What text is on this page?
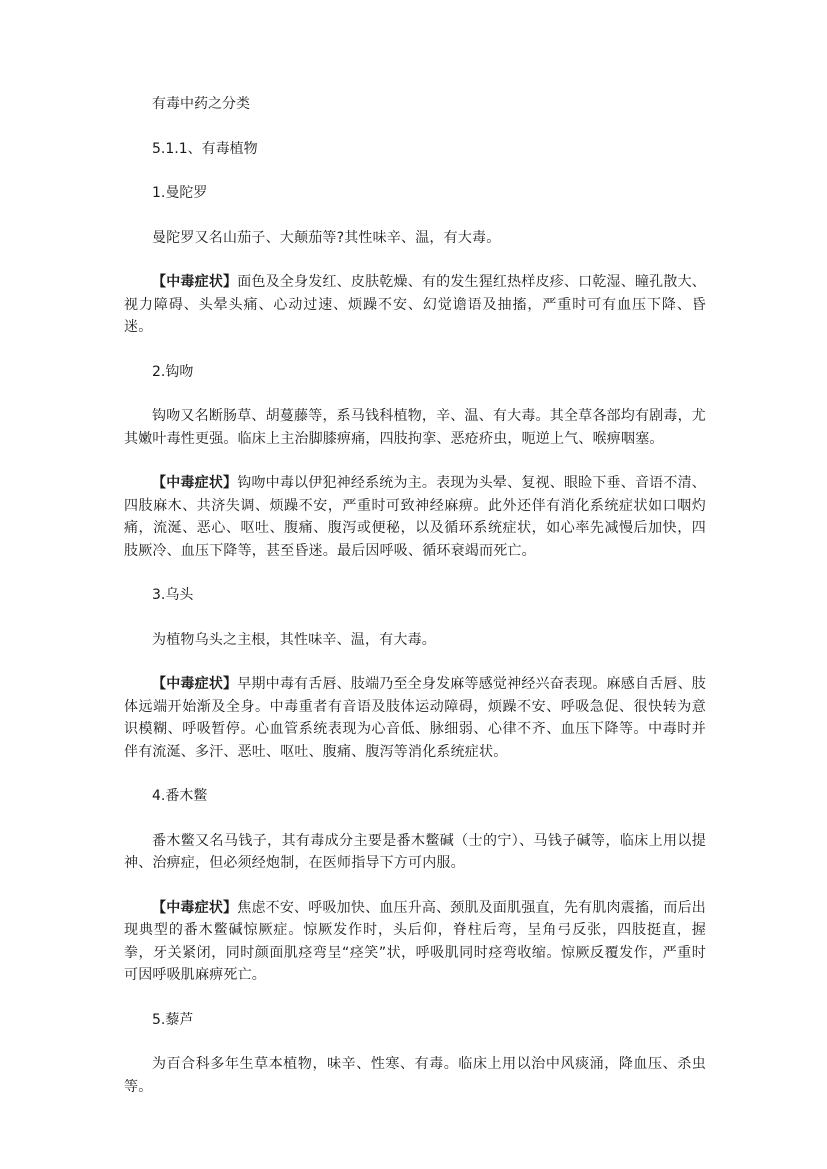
有毒中药之分类

5.1.1、有毒植物

1.曼陀罗

曼陀罗又名山茄子、大颠茄等?其性味辛、温，有大毒。

【中毒症状】面色及全身发红、皮肤乾燥、有的发生猩红热样皮疹、口乾湿、瞳孔散大、视力障碍、头晕头痛、心动过速、烦躁不安、幻觉谵语及抽搐，严重时可有血压下降、昏迷。

2.钩吻

钩吻又名断肠草、胡蔓藤等，系马钱科植物，辛、温、有大毒。其全草各部均有剧毒，尤其嫩叶毒性更强。临床上主治脚膝痹痛，四肢拘挛、恶疮疥虫，呃逆上气、喉痹咽塞。

【中毒症状】钩吻中毒以伊犯神经系统为主。表现为头晕、复视、眼睑下垂、音语不清、四肢麻木、共济失调、烦躁不安，严重时可致神经麻痹。此外还伴有消化系统症状如口咽灼痛，流涎、恶心、呕吐、腹痛、腹泻或便秘，以及循环系统症状，如心率先减慢后加快，四肢厥冷、血压下降等，甚至昏迷。最后因呼吸、循环衰竭而死亡。

3.乌头

为植物乌头之主根，其性味辛、温，有大毒。

【中毒症状】早期中毒有舌唇、肢端乃至全身发麻等感觉神经兴奋表现。麻感自舌唇、肢体远端开始渐及全身。中毒重者有音语及肢体运动障碍，烦躁不安、呼吸急促、很快转为意识模糊、呼吸暂停。心血管系统表现为心音低、脉细弱、心律不齐、血压下降等。中毒时并伴有流涎、多汗、恶吐、呕吐、腹痛、腹泻等消化系统症状。

4.番木鳖

番木鳖又名马钱子，其有毒成分主要是番木鳖碱（士的宁）、马钱子碱等，临床上用以提神、治痹症，但必须经炮制，在医师指导下方可内服。

【中毒症状】焦虑不安、呼吸加快、血压升高、颈肌及面肌强直，先有肌肉震搐，而后出现典型的番木鳖碱惊厥症。惊厥发作时，头后仰，脊柱后弯，呈角弓反张，四肢挺直，握拳，牙关紧闭，同时颜面肌痉弯呈“痉笑”状，呼吸肌同时痉弯收缩。惊厥反覆发作，严重时可因呼吸肌麻痹死亡。

5.藜芦

为百合科多年生草本植物，味辛、性寒、有毒。临床上用以治中风痰涌，降血压、杀虫等。
